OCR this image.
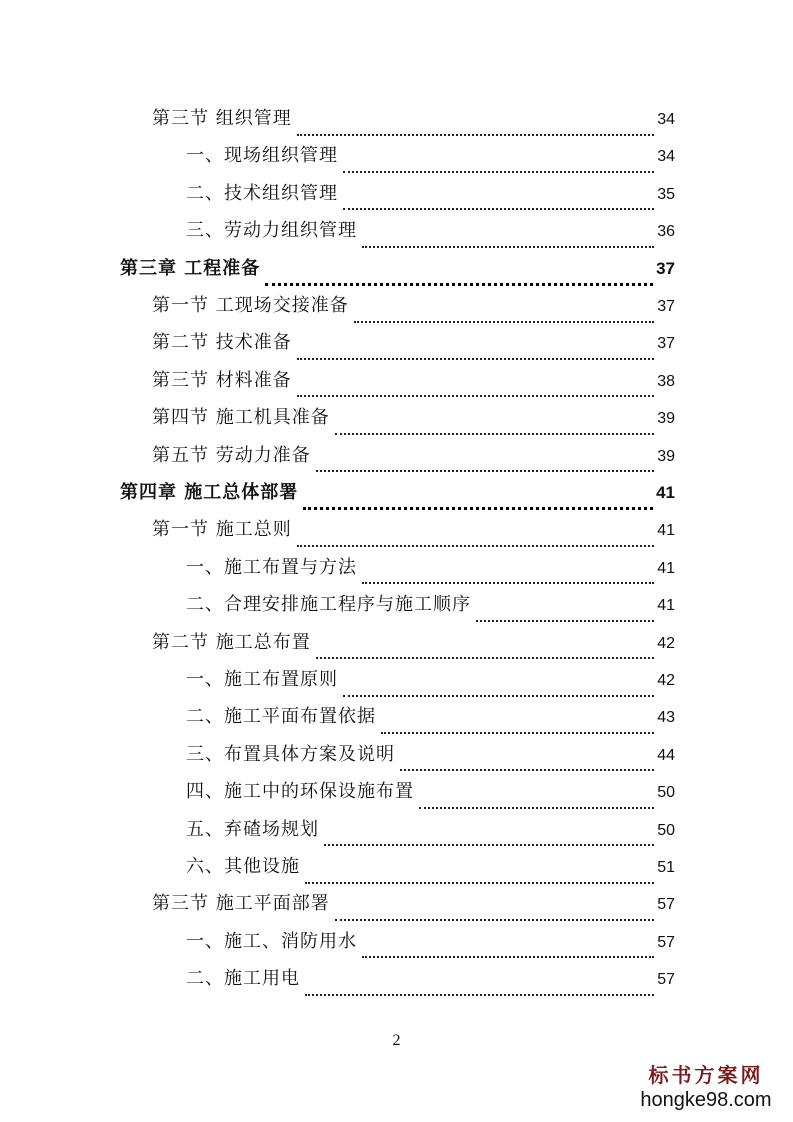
第三节 组织管理	34
一、现场组织管理	34
二、技术组织管理	35
三、劳动力组织管理	36
第三章 工程准备	37
第一节 工现场交接准备	37
第二节 技术准备	37
第三节 材料准备	38
第四节 施工机具准备	39
第五节 劳动力准备	39
第四章 施工总体部署	41
第一节 施工总则	41
一、施工布置与方法	41
二、合理安排施工程序与施工顺序	41
第二节 施工总布置	42
一、施工布置原则	42
二、施工平面布置依据	43
三、布置具体方案及说明	44
四、施工中的环保设施布置	50
五、弃碴场规划	50
六、其他设施	51
第三节 施工平面部署	57
一、施工、消防用水	57
二、施工用电	57
2
标书方案网
hongke98.com
